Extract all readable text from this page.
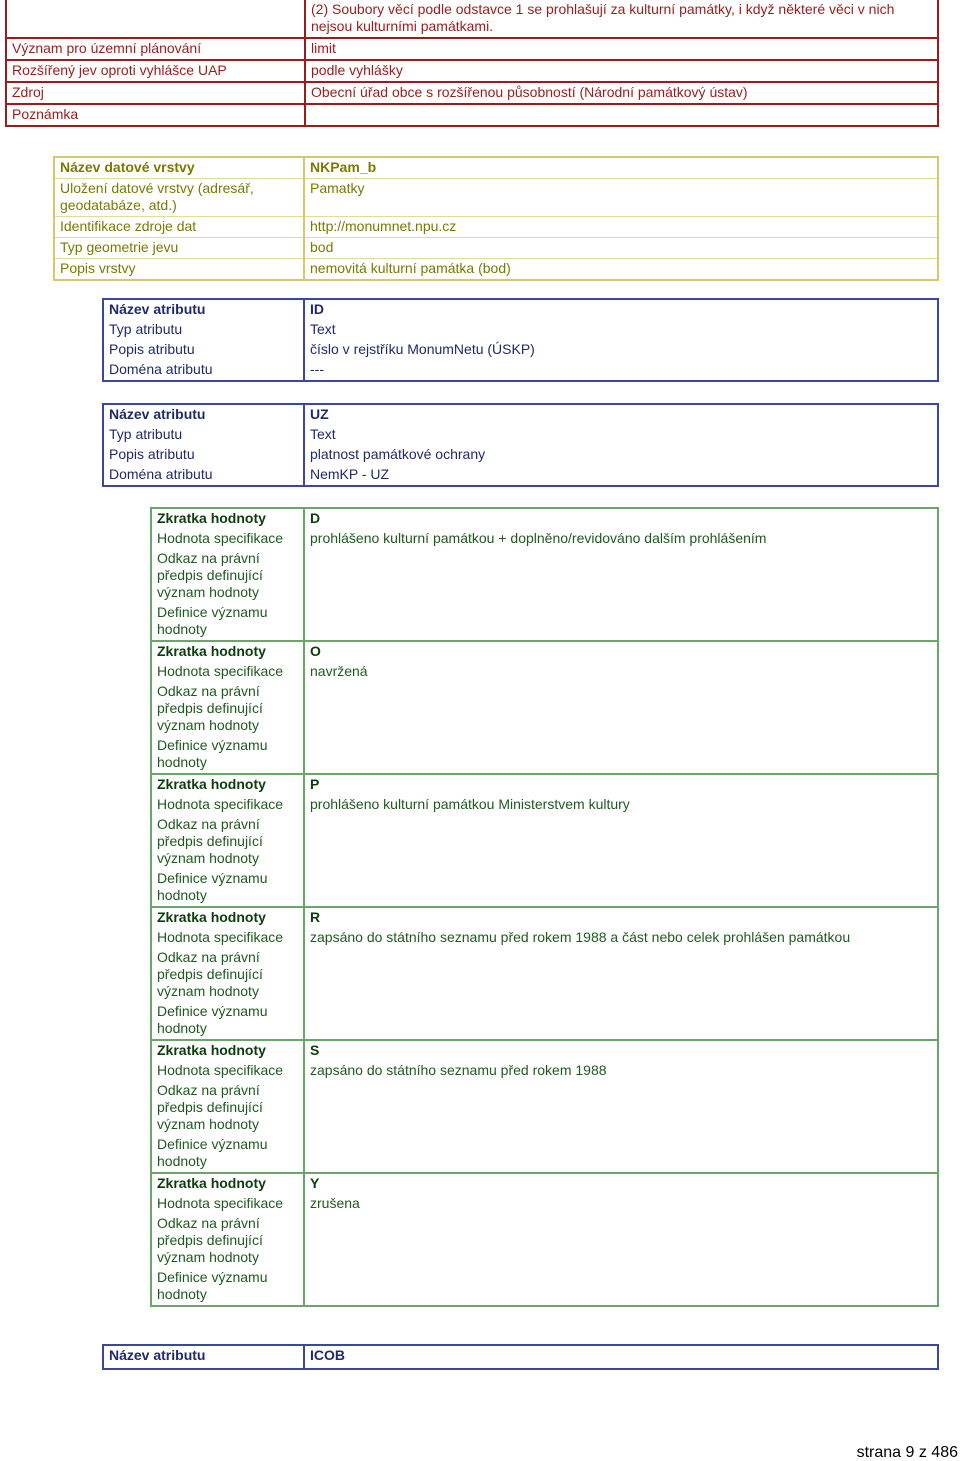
	(2) Soubory věcí podle odstavce 1 se prohlašují za kulturní památky, i když některé věci v nich nejsou kulturními památkami.
Význam pro územní plánování	limit
Rozšířený jev oproti vyhlášce UAP	podle vyhlášky
Zdroj	Obecní úřad obce s rozšířenou působností (Národní památkový ústav)
Poznámka	
Název datové vrstvy	NKPam_b
Uložení datové vrstvy (adresář, geodatabáze, atd.)	Pamatky
Identifikace zdroje dat	http://monumnet.npu.cz
Typ geometrie jevu	bod
Popis vrstvy	nemovitá kulturní památka (bod)
Název atributu	ID
Typ atributu	Text
Popis atributu	číslo v rejstříku MonumNetu (ÚSKP)
Doména atributu	---
Název atributu	UZ
Typ atributu	Text
Popis atributu	platnost památkové ochrany
Doména atributu	NemKP - UZ
Zkratka hodnoty	D
Hodnota specifikace	prohlášeno kulturní památkou + doplněno/revidováno dalším prohlášením
Odkaz na právní předpis definující význam hodnoty	
Definice významu hodnoty	
Zkratka hodnoty	O
Hodnota specifikace	navržená
Odkaz na právní předpis definující význam hodnoty	
Definice významu hodnoty	
Zkratka hodnoty	P
Hodnota specifikace	prohlášeno kulturní památkou Ministerstvem kultury
Odkaz na právní předpis definující význam hodnoty	
Definice významu hodnoty	
Zkratka hodnoty	R
Hodnota specifikace	zapsáno do státního seznamu před rokem 1988 a část nebo celek prohlášen památkou
Odkaz na právní předpis definující význam hodnoty	
Definice významu hodnoty	
Zkratka hodnoty	S
Hodnota specifikace	zapsáno do státního seznamu před rokem 1988
Odkaz na právní předpis definující význam hodnoty	
Definice významu hodnoty	
Zkratka hodnoty	Y
Hodnota specifikace	zrušena
Odkaz na právní předpis definující význam hodnoty	
Definice významu hodnoty	
Název atributu	ICOB

strana 9 z 486
